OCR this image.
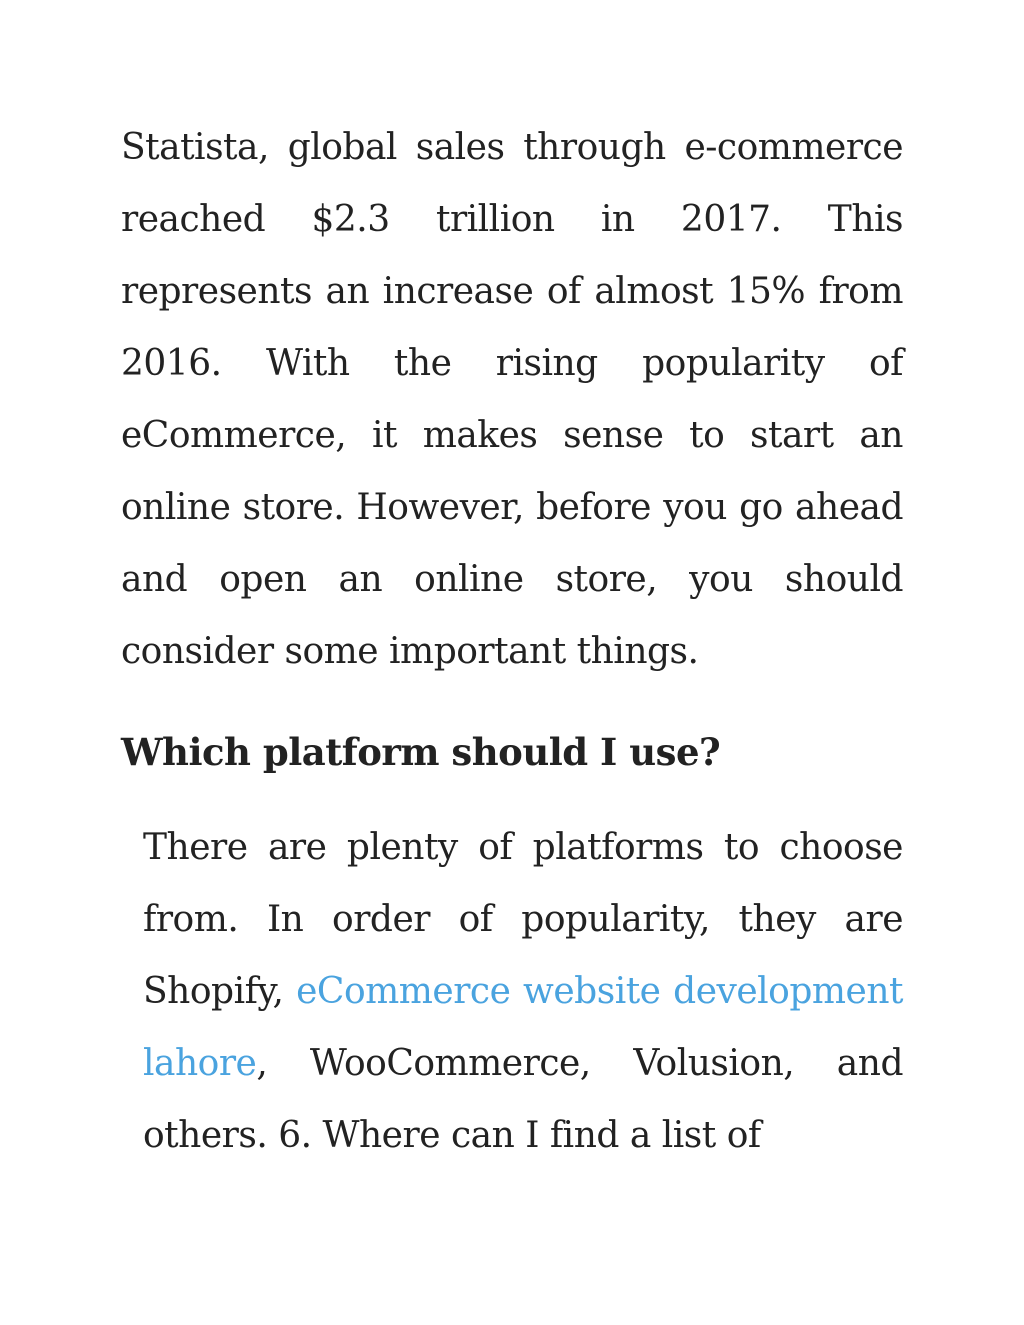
Statista, global sales through e-commerce reached $2.3 trillion in 2017. This represents an increase of almost 15% from 2016. With the rising popularity of eCommerce, it makes sense to start an online store. However, before you go ahead and open an online store, you should consider some important things.

Which platform should I use?

There are plenty of platforms to choose from. In order of popularity, they are Shopify, eCommerce website development lahore, WooCommerce, Volusion, and others. 6. Where can I find a list of
